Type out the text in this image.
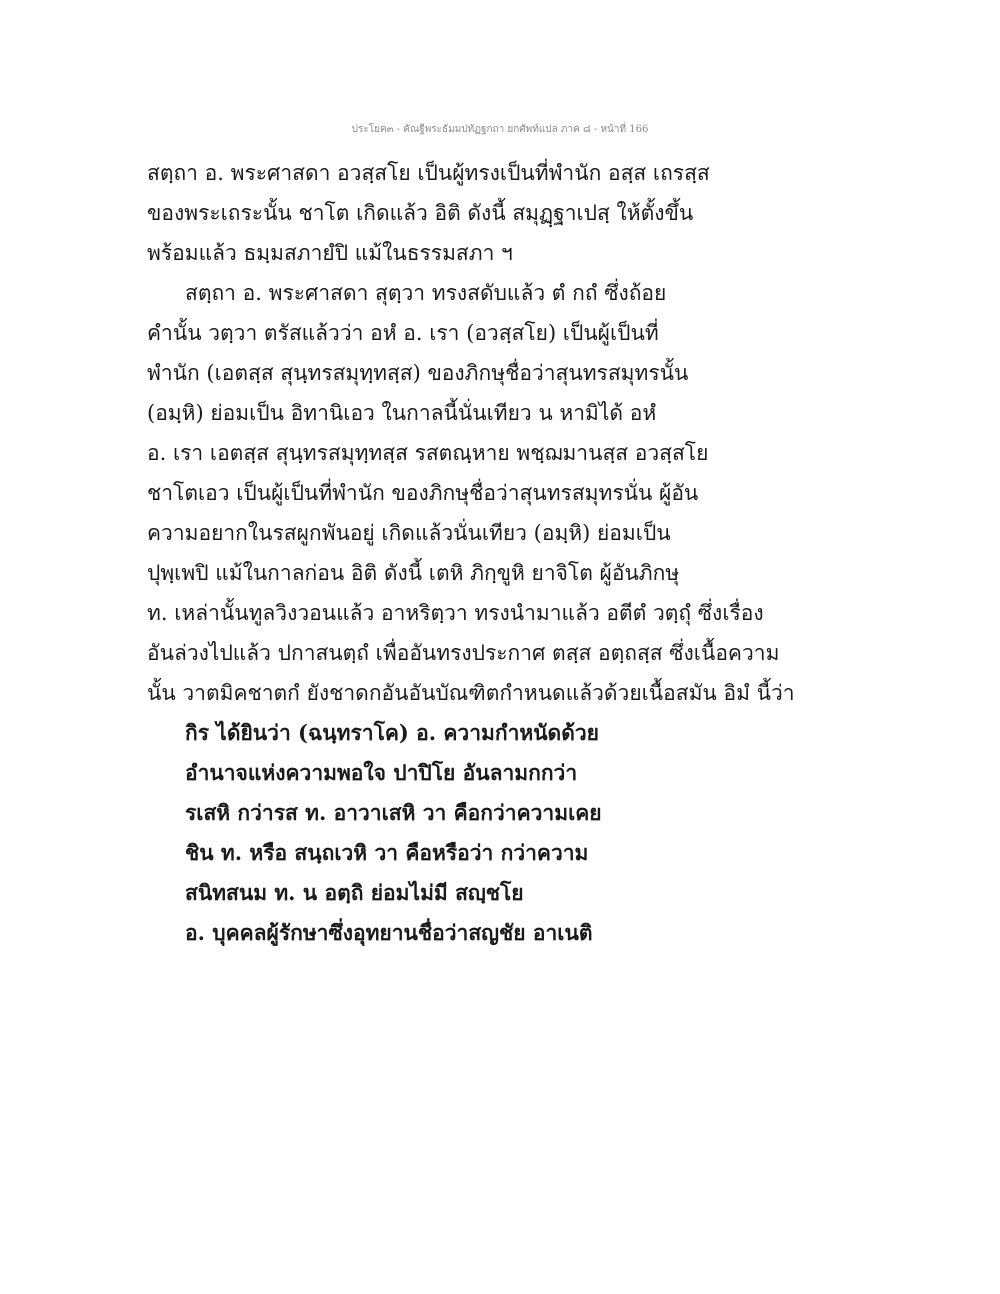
ประโยค๓ - คัณฐีพระธัมมปทัฏฐกถา ยกศัพท์แปล ภาค ๘ - หน้าที่ 166
สตฺถา อ. พระศาสดา อวสฺสโย เป็นผู้ทรงเป็นที่พำนัก อสฺส เถรสฺส
ของพระเถระนั้น ชาโต เกิดแล้ว อิติ ดังนี้ สมุฏฺฐาเปสฺ ให้ตั้งขึ้น
พร้อมแล้ว ธมฺมสภายํปิ แม้ในธรรมสภา ฯ
สตฺถา อ. พระศาสดา สุตฺวา ทรงสดับแล้ว ตํ กถํ ซึ่งถ้อย
คำนั้น วตฺวา ตรัสแล้วว่า อหํ อ. เรา (อวสฺสโย) เป็นผู้เป็นที่
พำนัก (เอตสฺส สุนฺทรสมุทฺทสฺส) ของภิกษุชื่อว่าสุนทรสมุทรนั้น
(อมฺหิ) ย่อมเป็น อิทานิเอว ในกาลนี้นั่นเทียว น หามิได้ อหํ
อ. เรา เอตสฺส สุนฺทรสมุทฺทสฺส รสตณฺหาย พชฺฌมานสฺส อวสฺสโย
ชาโตเอว เป็นผู้เป็นที่พำนัก ของภิกษุชื่อว่าสุนทรสมุทรนั่น ผู้อัน
ความอยากในรสผูกพันอยู่ เกิดแล้วนั่นเทียว (อมฺหิ) ย่อมเป็น
ปุพฺเพปิ แม้ในกาลก่อน อิติ ดังนี้ เตหิ ภิกฺขูหิ ยาจิโต ผู้อันภิกษุ
ท. เหล่านั้นทูลวิงวอนแล้ว อาหริตฺวา ทรงนำมาแล้ว อตีตํ วตฺถุํ ซึ่งเรื่อง
อันล่วงไปแล้ว ปกาสนตฺถํ เพื่ออันทรงประกาศ ตสฺส อตฺถสฺส ซึ่งเนื้อความ
นั้น วาตมิคชาตกํ ยังชาดกอันอันบัณฑิตกำหนดแล้วด้วยเนื้อสมัน อิมํ นี้ว่า
กิร ได้ยินว่า (ฉนฺทราโค) อ. ความกำหนัดด้วย
อำนาจแห่งความพอใจ ปาปิโย อันลามกกว่า
รเสหิ กว่ารส ท. อาวาเสหิ วา คือกว่าความเคย
ชิน ท. หรือ สนฺถเวหิ วา คือหรือว่า กว่าความ
สนิทสนม ท. น อตฺถิ ย่อมไม่มี สญฺชโย
อ. บุคคลผู้รักษาซึ่งอุทยานชื่อว่าสญชัย อาเนติ
